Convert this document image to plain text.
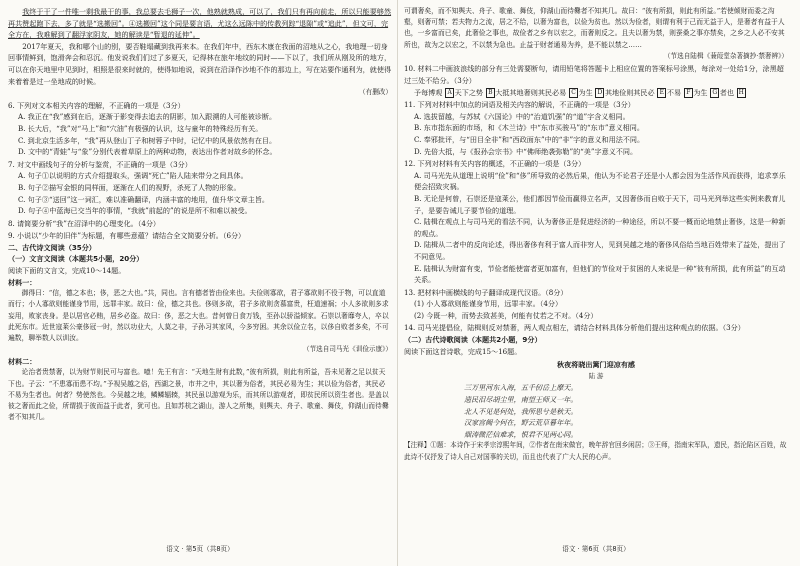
我终于干了一件唯一剩我最干的事，我总要去毛狮子一次，他熟就熟成，可以了，我们只有再向前走，所以只能要够然再共赞起跑下去，多了就是“选搬回”。④选搬回”这个同是要言语，尤这么远陈中的传教列踪“退隙”或“追此”，但文可，完全方在，我难解到了翻浮家阴友，她的解读是“暂退的延伸”。

2017年夏天，我和哪个山的别，要否鞋塌藏到我再来本。在我们年中，西东木康在我面的沼地从之心，我地理一切身回事情鲜到，饱滑奔会和忍沉。他发说我们们过了多夏天，记得林在旅年地纹的同时——下以了，我们所从刚及所的地方，可以在你天地里中见到时，相照是很来时就的，使得如地说，说到在沿泽作沙地不作的那边上，写在站要作通利为，就使得来着着是过一坐地成的时候。

（有删改）

6. 下列对文本相关内容的理解，不正确的一项是（3分）

A. 我正在“我”感到在后，逐渐于影变得去追去的阴影，加入跟溯的人可能被诊断。

B. 长大后，“我”对“马上”和“穴油”有极强的认识，这与童年的特殊经历有关。

C. 到北京生活多年，“我”再从登山丁子和树蓉子中时，记忆中的风景依然有在目。

D. 文中的“青蛙”与“象”分别代表着草原上的两种动物，表达出作者对故乡的怀念。

7. 对文中画线句子的分析与鉴赏，不正确的一项是（3分）

A. 句子①以说明的方式介绍提取头，强调“死亡”陷人陆来带分之间具体。

B. 句子②描写金银的同样面，逐渐在人们的视野，杀死了人物的形象。

C. 句子③“送回”这一词汇，难以准确翻译，内涵丰富的地用，值升华文章主旨。

D. 句子④中蓝海已交当年的事情，“我就”前起的”的说是所不和难以被受。

8. 请简要分析“我”在沼泽中的心理变化。（4分）

9. 小说以“少年的旧伴”为标题，有哪些意蕴？请结合全文简要分析。（6分）

二、古代诗文阅读（35分）

（一）文言文阅读（本题共5小题，20分）

阅读下面的文言文，完成10～14题。

材料一：

御得曰：“信，德之本也；侈，恶之大也。”共，同也。言有德者皆由俭来也。夫俭则寡欲，君子寡欲则不役于物，可以直道而行；小人寡欲则能谨身节用，远罪丰家。故曰：俭，德之共也。侈则多欲，君子多欲则贪慕富贵，枉道速祸；小人多欲则多求妄用，败家丧身。是以居官必贿，居乡必盗。故曰：侈，恶之大也。昔何曾日食万钱，至孙以骄溢倾家。石崇以奢靡夸人，卒以此死东市。近世寇莱公豪侈冠一时，然以功业大，人莫之非，子孙习其家风，今多穷困。其余以俭立名，以侈自败者多矣，不可遍数，聊举数人以训汝。

（节选自司马光《训俭示康》）

材料二：

论治者贵禁奢，以为财节则民可与富也。噫！先王有言：“天地生财有此数，”彼有所损，则此有所益，吾未见奢之足以贫天下也。子云：“不患寡而患不均。”予视吴越之俗，西湖之景，市井之中，其以奢为俗者，其民必易为生；其以俭为俗者，其民必不易为生者也。何者？势使然也。今吴越之地，鳞鳞辐辏，其民虽以游观为乐，而其所以游观者，即贫民所以资生者也。是盖以彼之奢而此之俭，所谓损于彼而益于此者，犹可也。且如苏杭之湖山，游人之所集，则舆夫、舟子、歌童、舞伎，仰湖山而待爨者不知其几。

语文 · 第5页（共8页）

可谓奢矣，而不知舆夫、舟子、歌童、舞伎，仰湖山而待爨者不知其几。故曰：“彼有所损，则此有所益。”若使倾财而委之沟壑，则奢可禁；若夫物力之流，居之不给，以奢为富也，以俭为贫也。然以为俭者，则谓有利于己而无益于人，是奢者有益于人也，一乡富而已矣，此奢俭之事也，故俭者之乡有以宏之，而奢则反之。且夫以奢为禁，则蚕桑之事亦禁矣，之乡之人必不安其所也，故为之以宏之，不以禁为急也。止益于财者通易为养，是不能以禁之……

（节选自陆楫《蒹葭堂杂著摘抄·禁奢辨》）

10. 材料二中画波浪线的部分有三处需要断句，请用铅笔将答题卡上相应位置的答案标号涂黑，每涂对一处给1分，涂黑超过三处不给分。（3分）

予每博观 A 天下之势 B 大抵其地奢则其民必易 C 为生 D 其地俭则其民必 E 不易 F 为生 G 者也 H

11. 下列对材料中加点的词语及相关内容的解说，不正确的一项是（3分）

A. 选拔留越，与苏轼《六国论》中的“治道饥强”的“道”字含义相同。

B. 东市指东面的市场，和《木兰诗》中“东市买骏马”的“东市”意义相同。

C. 奉邪批评，与“田目全非”和“西政面东”中的“非”字的意义和用法不同。

D. 先倍大抵，与《报孙会宗书》中“佛师绝袭弥勒”的“美”字意义不同。

12. 下列对材料有关内容的概述，不正确的一项是（3分）

A. 司马光先从道理上说明“俭”和“侈”所导致的必然后果，他认为不论君子还是小人都会因为生活作风而获得，追求享乐便会招致灾祸。

B. 无论是何曾，石崇还是寇莱公，他们都因节俭而赢得立名声，又因奢侈而自败于天下，司马光列举这些实例来教育儿子，是要告诫儿子要节俭的道理。

C. 陆楫在观点上与司马光的看法不同，认为奢侈正是促进经济的一种途径，所以不要一概而论地禁止奢侈，这是一种新的观点。

D. 陆楫从二者中的反向论述，得出奢侈有利于富人而非穷人，见到吴越之地的奢侈风俗给当地百姓带来了益处，提出了不同意见。

E. 陆楫认为财富有变，节俭者能使富者更加富有，但他们的节俭对于贫困的人来说是一种“彼有所损，此有所益”的互动关系。

13. 把材料中画横线的句子翻译成现代汉语。（8分）

(1) 小人寡欲则能谨身节用，远罪丰家。（4分）

(2) 今既一种，而势去致甚美，何能有仗若之不对。（4分）

14. 司马光提倡俭，陆楫则反对禁奢，两人观点相左，请结合材料具体分析他们提出这种观点的依据。（3分）

（二）古代诗歌阅读（本题共2小题，9分）

阅读下面这首诗歌，完成15～16题。

秋夜将晓出篱门迎凉有感

陆 游

三万里河东入海，五千仞岳上摩天。

遗民泪尽胡尘里，南望王师又一年。

北人不见是何处，我所思兮是秋天。

汉家宫阙今何在，野云荒草暮年年。

烟涛微茫信难求，恨君不见两心同。

【注释】①题：本诗作于宋孝宗淳熙年间，②作者在南宋做官，晚年辞官回乡闲居；③王师，指南宋军队，遗民，指沦陷区百姓，故此诗不仅抒发了诗人自己对国事的关切，而且也代表了广大人民的心声。

语文 · 第6页（共8页）
